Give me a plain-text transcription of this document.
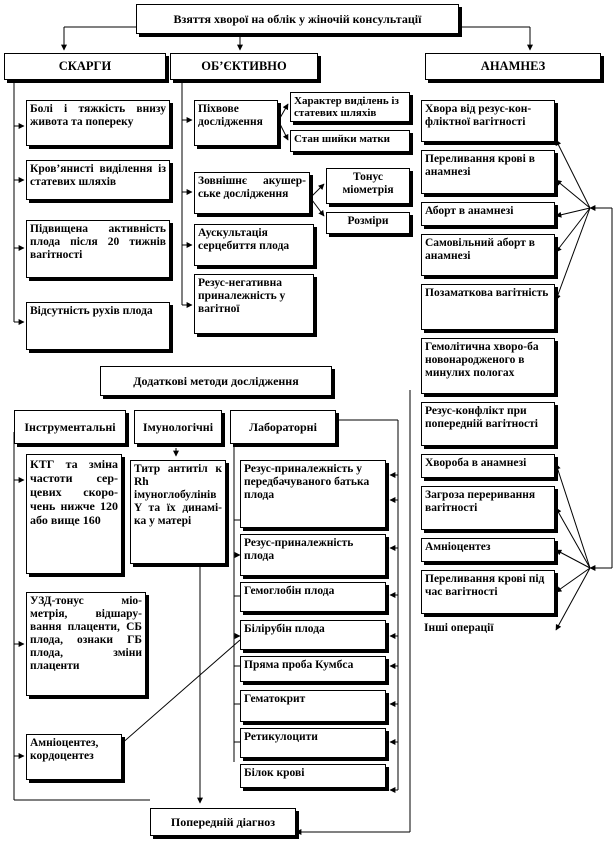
Взяття хворої на облік у жіночій консультації
СКАРГИ	ОБ’ЄКТИВНО	АНАМНЕЗ
Болі і тяжкість внизу живота та попереку
Кров’янисті виділення із статевих шляхів
Підвищена активність плода після 20 тижнів вагітності
Відсутність рухів плода
Піхвове дослідження
Характер виділень із статевих шляхів
Стан шийки матки
Зовнішнє акушер-ське дослідження
Тонус міометрія
Розміри
Аускультація серцебиття плода
Резус-негативна приналежність у вагітної
Хвора від резус-кон-фліктної вагітності
Переливання крові в анамнезі
Аборт в анамнезі
Самовільний аборт в анамнезі
Позаматкова вагітність
Гемолітична хворо-ба новонародженого в минулих пологах
Резус-конфлікт при попередній вагітності
Хвороба в анамнезі
Загроза переривання вагітності
Амніоцентез
Переливання крові під час вагітності
Інші операції
Додаткові методи дослідження
Інструментальні Імунологічні	Лабораторні
КТГ та зміна частоти сер-цевих скоро-чень нижче 120 або вище 160
УЗД-тонус міо-метрія, відшару-вання плаценти, СБ плода, ознаки ГБ плода, зміни плаценти
Амніоцентез, кордоцентез
Титр антитіл к Rh імуноглобулінів Y та їх динамі-ка у матері
Резус-приналежність у передбачуваного батька плода
Резус-приналежність плода
Гемоглобін плода
Білірубін плода
Пряма проба Кумбса
Гематокрит
Ретикулоцити
Білок крові
Попередній діагноз
